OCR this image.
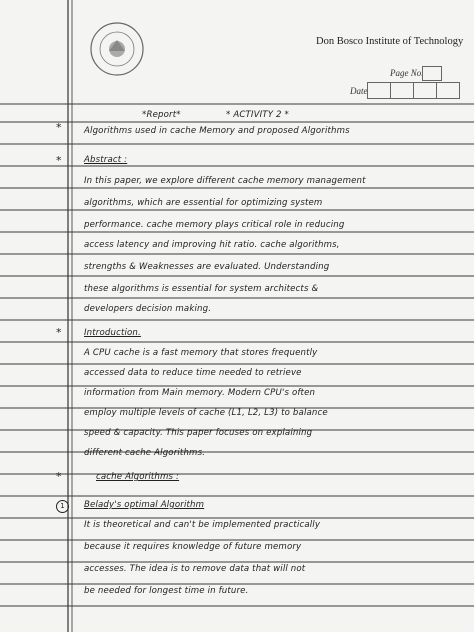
Don Bosco Institute of Technology
Page No.
Date
*Report*	* ACTIVITY 2 *
*	Algorithms used in cache Memory and proposed Algorithms
*	Abstract :
In this paper, we explore different cache memory management
algorithms, which are essential for optimizing system
performance. cache memory plays critical role in reducing
access latency and improving hit ratio. cache algorithms,
strengths & Weaknesses are evaluated. Understanding
these algorithms is essential for system architects &
developers decision making.
*	Introduction.
A CPU cache is a fast memory that stores frequently
accessed data to reduce time needed to retrieve
information from Main memory. Modern CPU's often
employ multiple levels of cache (L1, L2, L3) to balance
speed & capacity. This paper focuses on explaining
different cache Algorithms.
*	cache Algorithms :
1	Belady's optimal Algorithm
It is theoretical and can't be implemented practically
because it requires knowledge of future memory
accesses. The idea is to remove data that will not
be needed for longest time in future.
